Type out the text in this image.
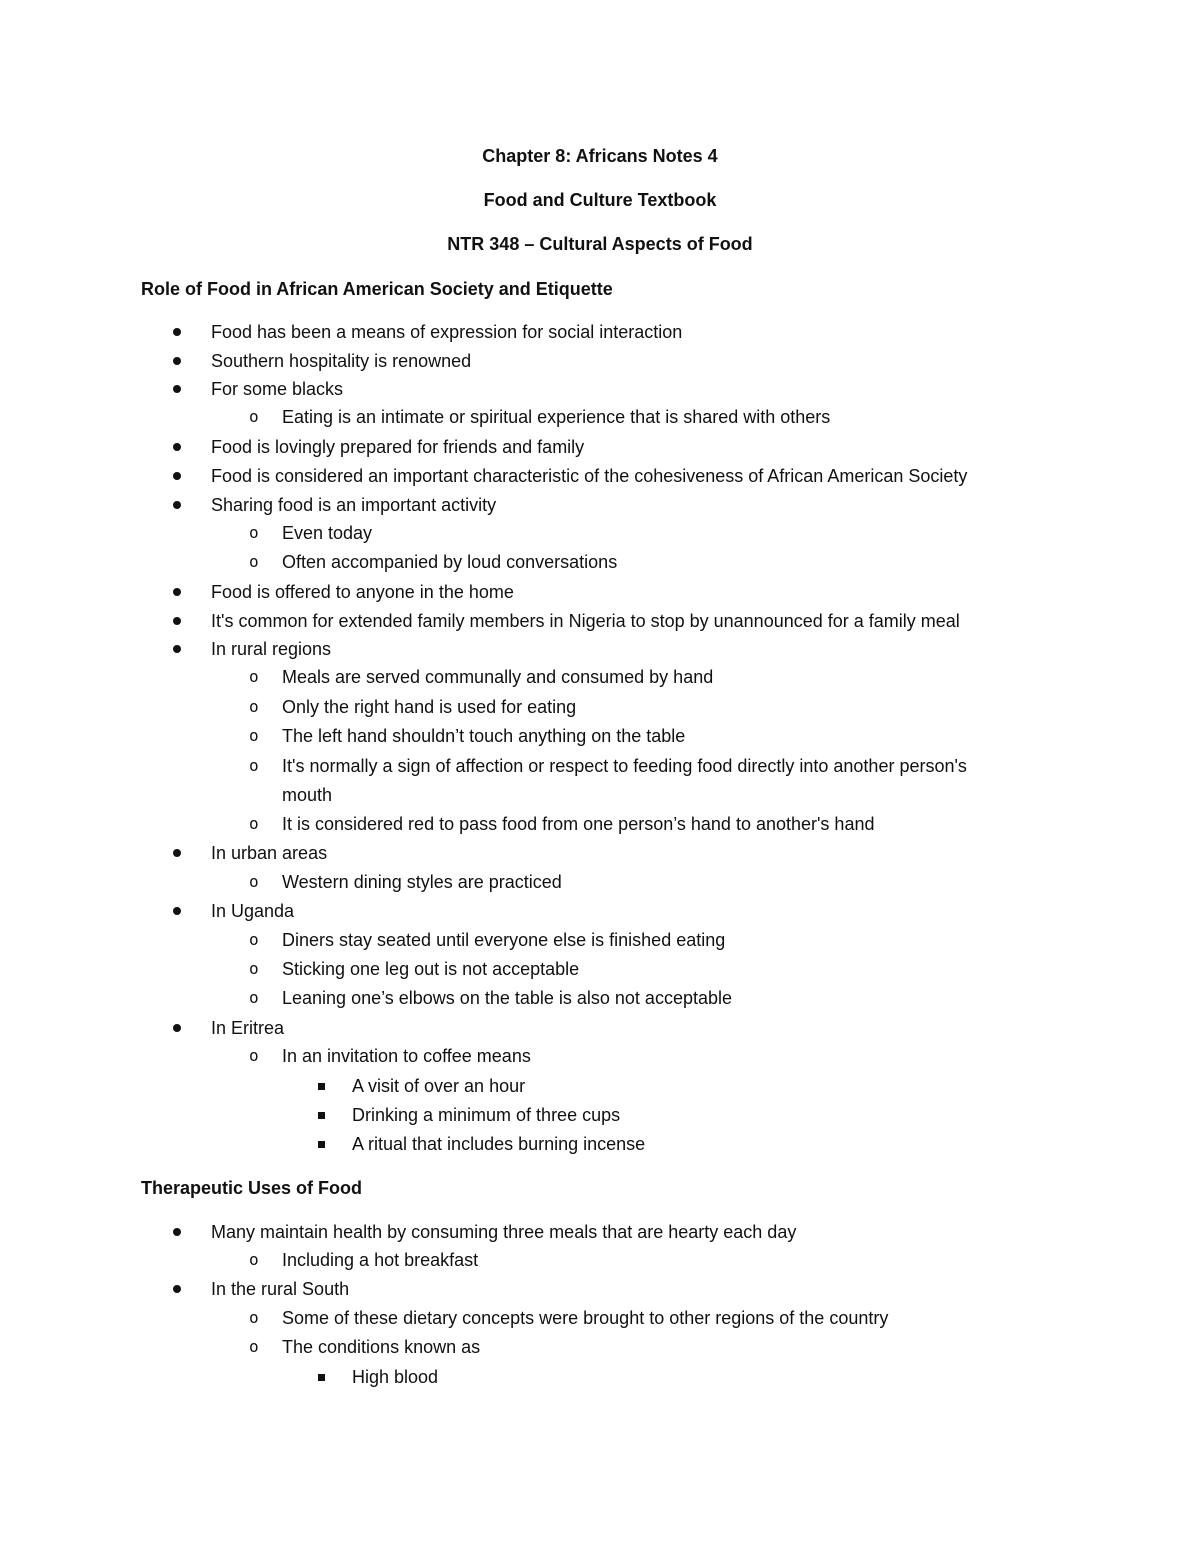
Chapter 8: Africans Notes 4
Food and Culture Textbook
NTR 348 – Cultural Aspects of Food
Role of Food in African American Society and Etiquette
Food has been a means of expression for social interaction
Southern hospitality is renowned
For some blacks
o Eating is an intimate or spiritual experience that is shared with others
Food is lovingly prepared for friends and family
Food is considered an important characteristic of the cohesiveness of African American Society
Sharing food is an important activity
o Even today
o Often accompanied by loud conversations
Food is offered to anyone in the home
It's common for extended family members in Nigeria to stop by unannounced for a family meal
In rural regions
o Meals are served communally and consumed by hand
o Only the right hand is used for eating
o The left hand shouldn’t touch anything on the table
o It's normally a sign of affection or respect to feeding food directly into another person's
mouth
o It is considered red to pass food from one person’s hand to another's hand
In urban areas
o Western dining styles are practiced
In Uganda
o Diners stay seated until everyone else is finished eating
o Sticking one leg out is not acceptable
o Leaning one’s elbows on the table is also not acceptable
In Eritrea
o In an invitation to coffee means
A visit of over an hour
Drinking a minimum of three cups
A ritual that includes burning incense
Therapeutic Uses of Food
Many maintain health by consuming three meals that are hearty each day
o Including a hot breakfast
In the rural South
o Some of these dietary concepts were brought to other regions of the country
o The conditions known as
High blood
